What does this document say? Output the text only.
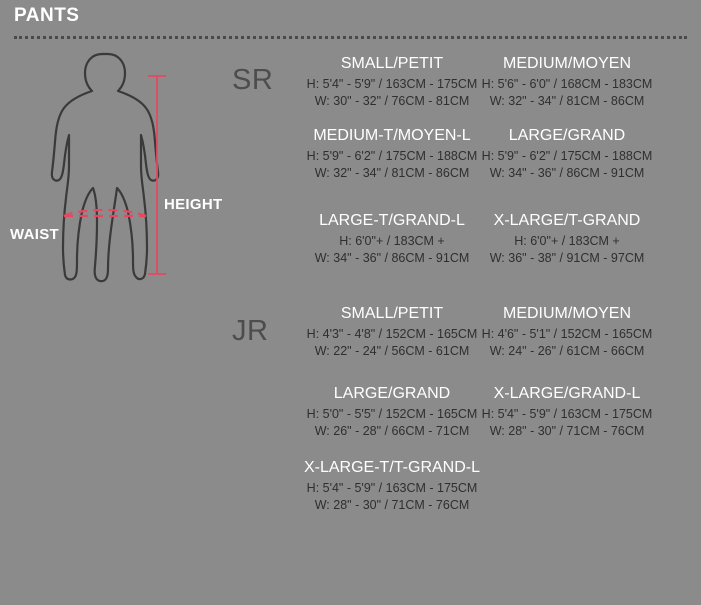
PANTS
WAIST
HEIGHT
SR
SMALL/PETIT
H: 5'4" - 5'9" / 163CM - 175CM
W: 30" - 32" / 76CM - 81CM
MEDIUM/MOYEN
H: 5'6" - 6'0" / 168CM - 183CM
W: 32" - 34" / 81CM - 86CM
MEDIUM-T/MOYEN-L
H: 5'9" - 6'2" / 175CM - 188CM
W: 32" - 34" / 81CM - 86CM
LARGE/GRAND
H: 5'9" - 6'2" / 175CM - 188CM
W: 34" - 36" / 86CM - 91CM
LARGE-T/GRAND-L
H: 6'0"+ / 183CM +
W: 34" - 36" / 86CM - 91CM
X-LARGE/T-GRAND
H: 6'0"+ / 183CM +
W: 36" - 38" / 91CM - 97CM
JR
SMALL/PETIT
H: 4'3" - 4'8" / 152CM - 165CM
W: 22" - 24" / 56CM - 61CM
MEDIUM/MOYEN
H: 4'6" - 5'1" / 152CM - 165CM
W: 24" - 26" / 61CM - 66CM
LARGE/GRAND
H: 5'0" - 5'5" / 152CM - 165CM
W: 26" - 28" / 66CM - 71CM
X-LARGE/GRAND-L
H: 5'4" - 5'9" / 163CM - 175CM
W: 28" - 30" / 71CM - 76CM
X-LARGE-T/T-GRAND-L
H: 5'4" - 5'9" / 163CM - 175CM
W: 28" - 30" / 71CM - 76CM
